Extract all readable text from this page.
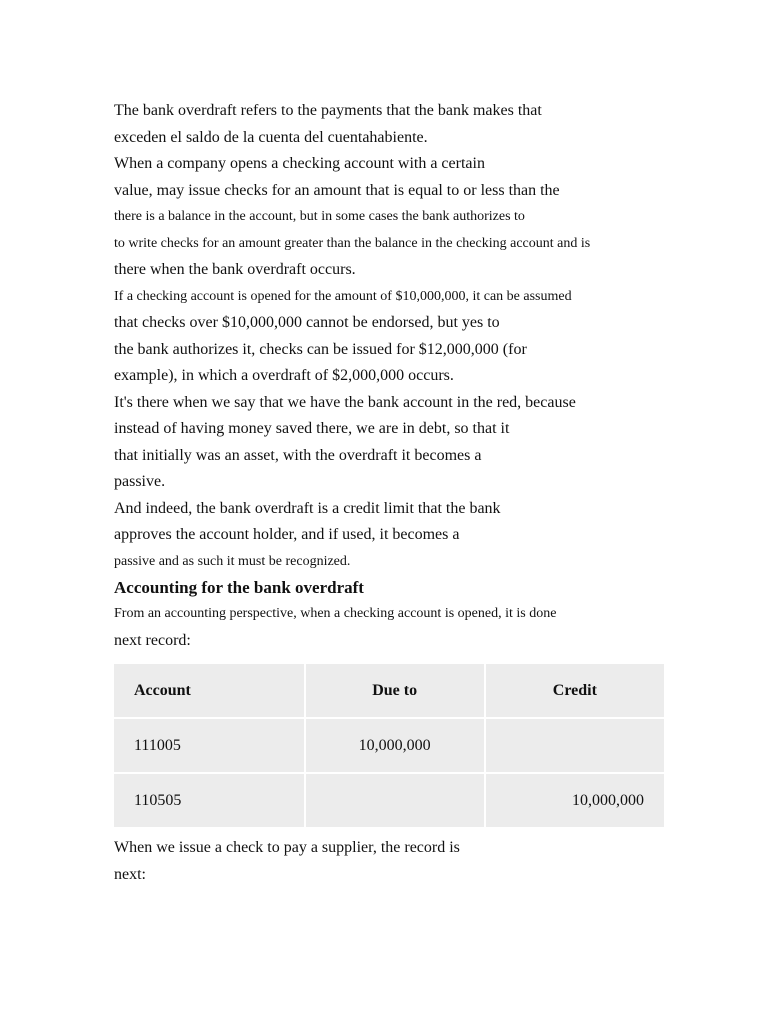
The bank overdraft refers to the payments that the bank makes that
exceden el saldo de la cuenta del cuentahabiente.
When a company opens a checking account with a certain
value, may issue checks for an amount that is equal to or less than the
there is a balance in the account, but in some cases the bank authorizes to
to write checks for an amount greater than the balance in the checking account and is
there when the bank overdraft occurs.
If a checking account is opened for the amount of $10,000,000, it can be assumed
that checks over $10,000,000 cannot be endorsed, but yes to
the bank authorizes it, checks can be issued for $12,000,000 (for
example), in which a overdraft of $2,000,000 occurs.
It's there when we say that we have the bank account in the red, because
instead of having money saved there, we are in debt, so that it
that initially was an asset, with the overdraft it becomes a
passive.
And indeed, the bank overdraft is a credit limit that the bank
approves the account holder, and if used, it becomes a
passive and as such it must be recognized.
Accounting for the bank overdraft
From an accounting perspective, when a checking account is opened, it is done
next record:
Account	Due to	Credit
111005	10,000,000	
110505		10,000,000
When we issue a check to pay a supplier, the record is
next:
